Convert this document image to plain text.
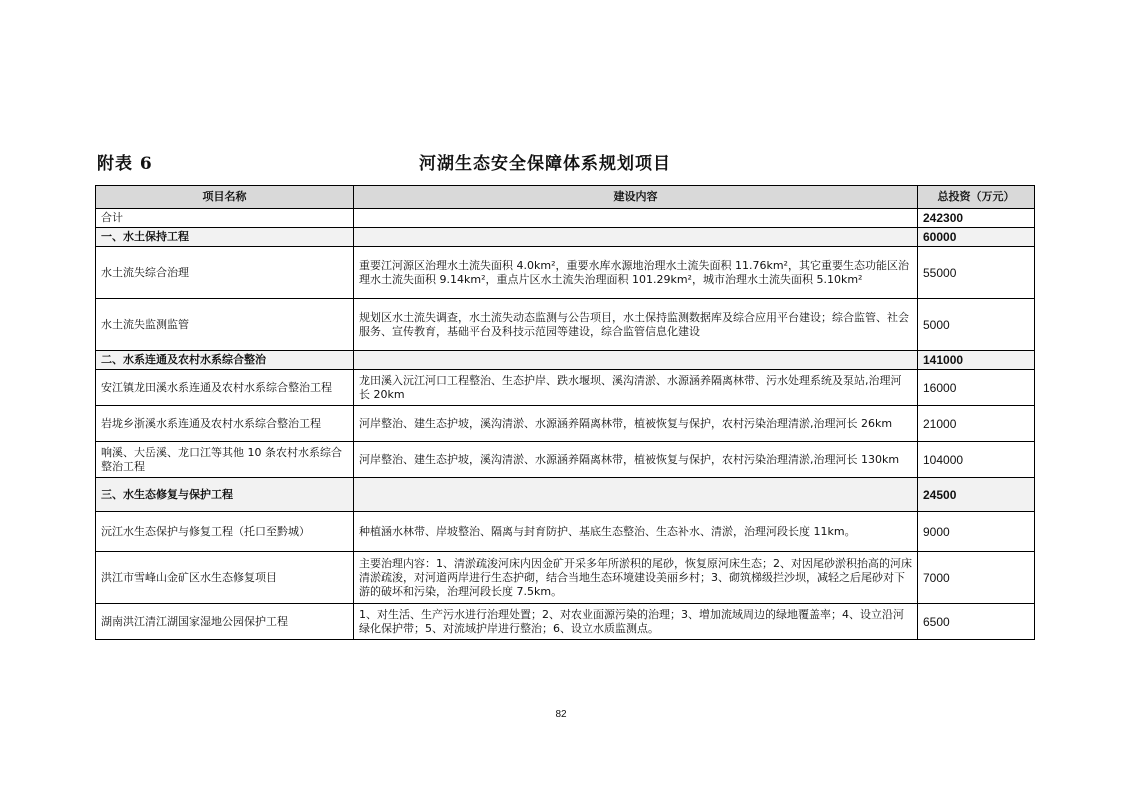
附表 6	河湖生态安全保障体系规划项目
项目名称	建设内容	总投资（万元）
合计		242300
一、水土保持工程		60000
水土流失综合治理	重要江河源区治理水土流失面积 4.0km²，重要水库水源地治理水土流失面积 11.76km²，其它重要生态功能区治理水土流失面积 9.14km²，重点片区水土流失治理面积 101.29km²，城市治理水土流失面积 5.10km²	55000
水土流失监测监管	规划区水土流失调查，水土流失动态监测与公告项目，水土保持监测数据库及综合应用平台建设；综合监管、社会服务、宣传教育，基础平台及科技示范园等建设，综合监管信息化建设	5000
二、水系连通及农村水系综合整治		141000
安江镇龙田溪水系连通及农村水系综合整治工程	龙田溪入沅江河口工程整治、生态护岸、跌水堰坝、溪沟清淤、水源涵养隔离林带、污水处理系统及泵站,治理河长 20km	16000
岩垅乡浙溪水系连通及农村水系综合整治工程	河岸整治、建生态护坡，溪沟清淤、水源涵养隔离林带，植被恢复与保护，农村污染治理清淤,治理河长 26km	21000
响溪、大岳溪、龙口江等其他 10 条农村水系综合整治工程	河岸整治、建生态护坡，溪沟清淤、水源涵养隔离林带，植被恢复与保护，农村污染治理清淤,治理河长 130km	104000
三、水生态修复与保护工程		24500
沅江水生态保护与修复工程（托口至黔城）	种植涵水林带、岸坡整治、隔离与封育防护、基底生态整治、生态补水、清淤，治理河段长度 11km。	9000
洪江市雪峰山金矿区水生态修复项目	主要治理内容：1、清淤疏浚河床内因金矿开采多年所淤积的尾砂，恢复原河床生态；2、对因尾砂淤积抬高的河床清淤疏浚，对河道两岸进行生态护砌，结合当地生态环境建设美丽乡村；3、砌筑梯级拦沙坝，减轻之后尾砂对下游的破坏和污染，治理河段长度 7.5km。	7000
湖南洪江清江湖国家湿地公园保护工程	1、对生活、生产污水进行治理处置；2、对农业面源污染的治理；3、增加流域周边的绿地覆盖率；4、设立沿河绿化保护带；5、对流域护岸进行整治；6、设立水质监测点。	6500
82
